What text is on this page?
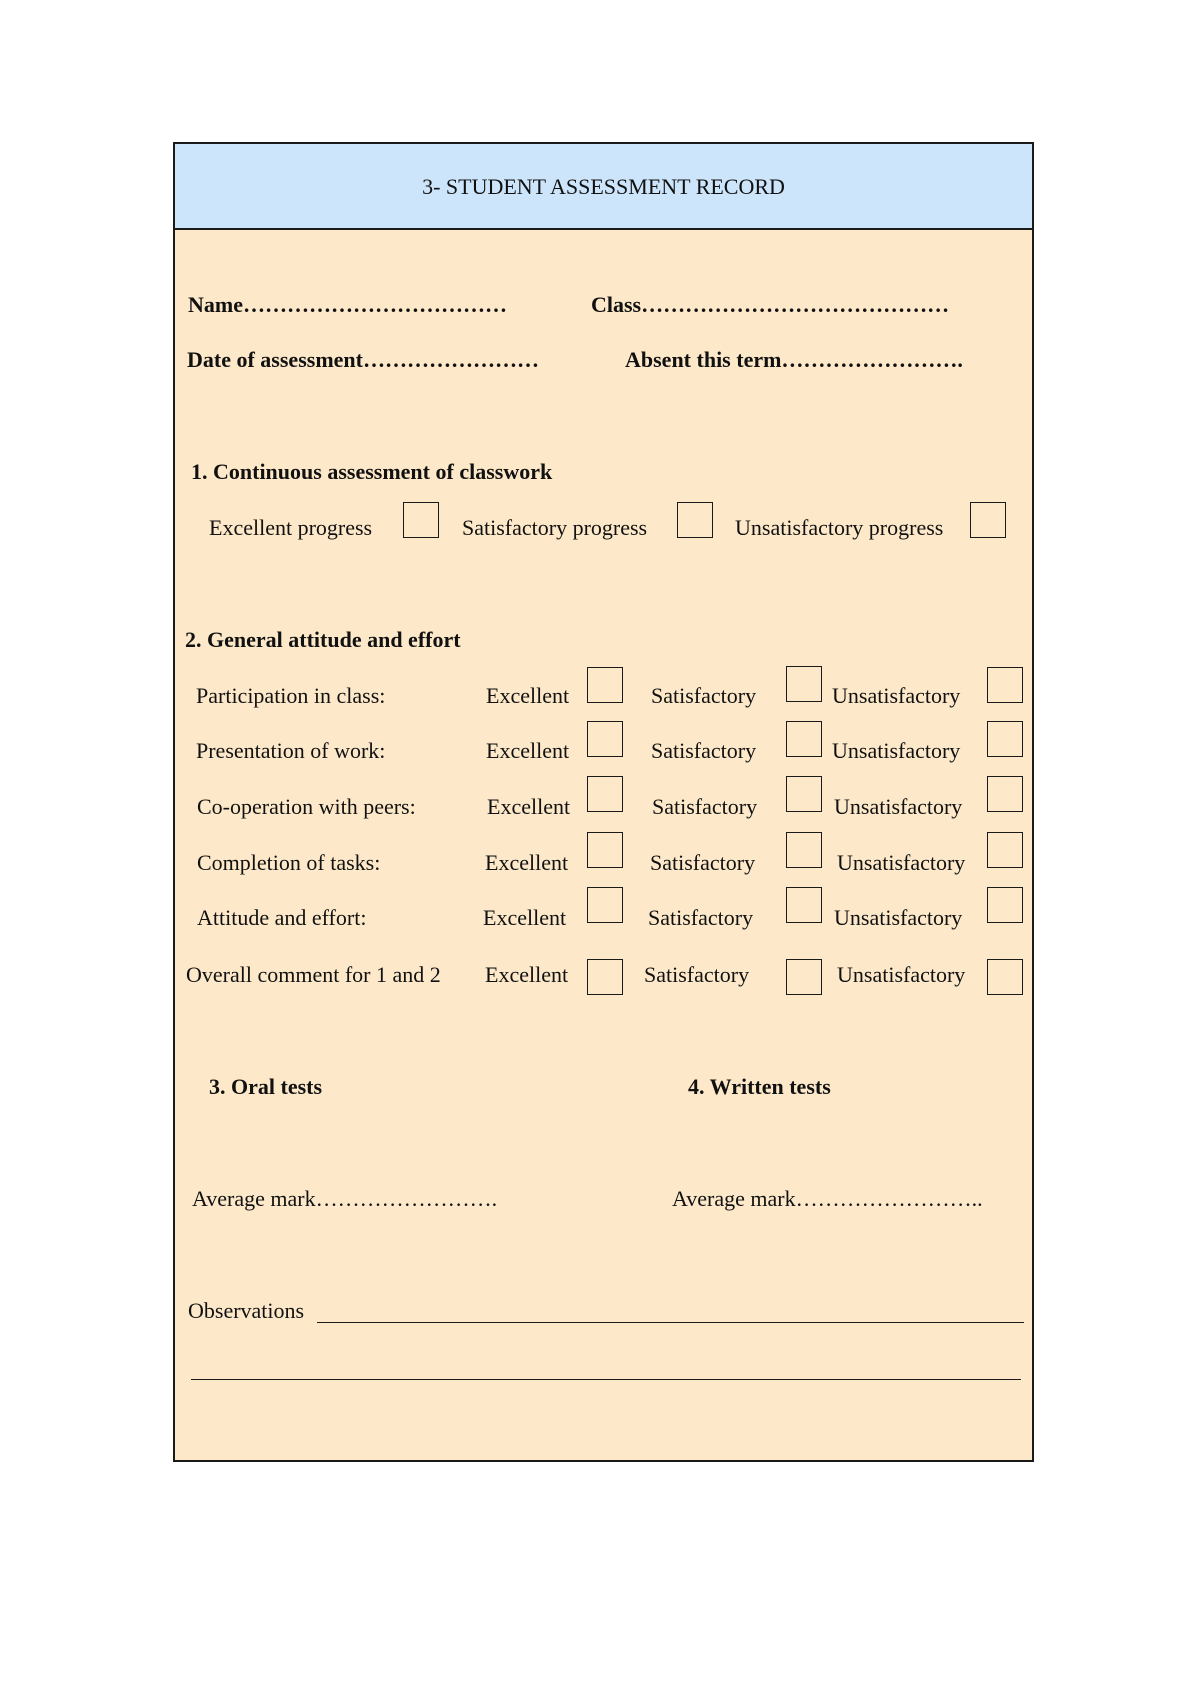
3- STUDENT ASSESSMENT RECORD
Name………………………………	Class……………………………………
Date of assessment……………………	Absent this term…………………….
1. Continuous assessment of classwork
Excellent progress	Satisfactory progress	Unsatisfactory progress
2. General attitude and effort
Participation in class:	Excellent	Satisfactory	Unsatisfactory
Presentation of work:	Excellent	Satisfactory	Unsatisfactory
Co-operation with peers:	Excellent	Satisfactory	Unsatisfactory
Completion of tasks:	Excellent	Satisfactory	Unsatisfactory
Attitude and effort:	Excellent	Satisfactory	Unsatisfactory
Overall comment for 1 and 2 Excellent	Satisfactory	Unsatisfactory
3. Oral tests	4. Written tests
Average mark…………………….	Average mark……………………..
Observations
